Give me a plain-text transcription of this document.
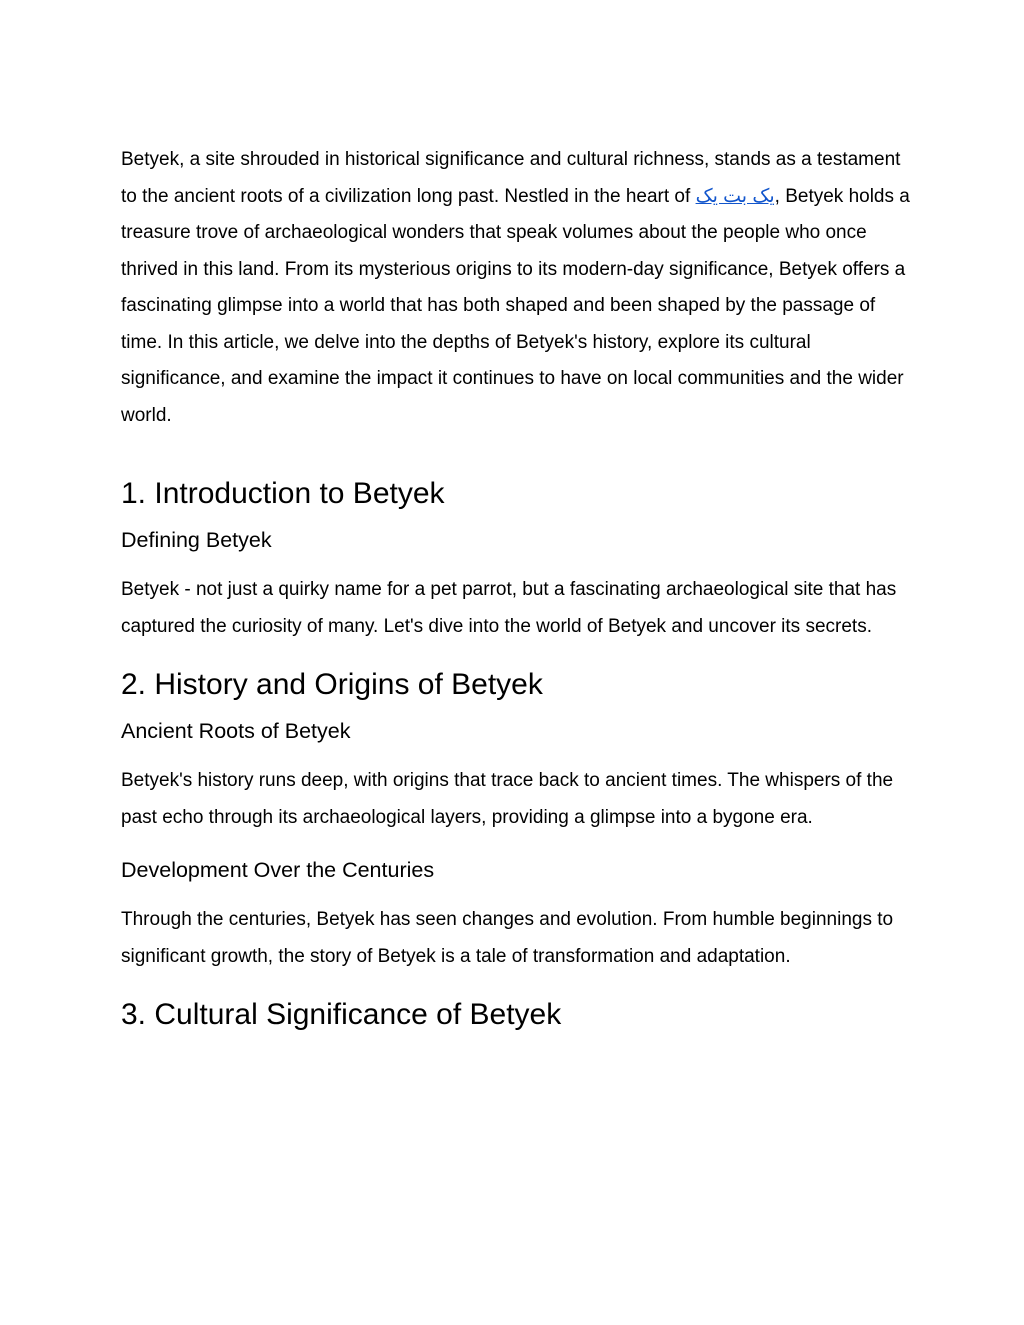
Betyek, a site shrouded in historical significance and cultural richness, stands as a testament to the ancient roots of a civilization long past. Nestled in the heart of یک بت یک, Betyek holds a treasure trove of archaeological wonders that speak volumes about the people who once thrived in this land. From its mysterious origins to its modern-day significance, Betyek offers a fascinating glimpse into a world that has both shaped and been shaped by the passage of time. In this article, we delve into the depths of Betyek's history, explore its cultural significance, and examine the impact it continues to have on local communities and the wider world.

1. Introduction to Betyek
Defining Betyek

Betyek - not just a quirky name for a pet parrot, but a fascinating archaeological site that has captured the curiosity of many. Let's dive into the world of Betyek and uncover its secrets.

2. History and Origins of Betyek
Ancient Roots of Betyek

Betyek's history runs deep, with origins that trace back to ancient times. The whispers of the past echo through its archaeological layers, providing a glimpse into a bygone era.

Development Over the Centuries

Through the centuries, Betyek has seen changes and evolution. From humble beginnings to significant growth, the story of Betyek is a tale of transformation and adaptation.

3. Cultural Significance of Betyek
